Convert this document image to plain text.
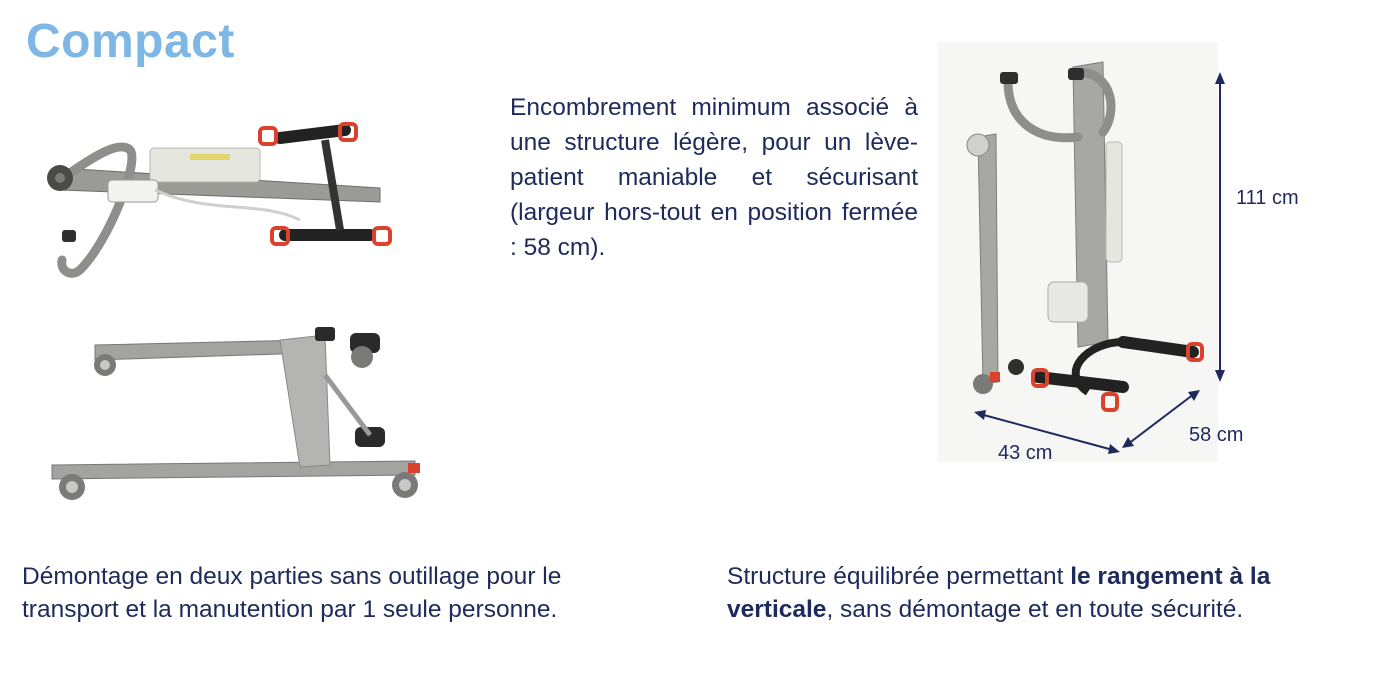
Compact
Encombrement minimum associé à une structure légère, pour un lève-patient maniable et sécurisant (largeur hors-tout en position fermée : 58 cm).
111 cm
58 cm
43 cm
Démontage en deux parties sans outillage pour le transport et la manutention par 1 seule personne.
Structure équilibrée permettant le rangement à la verticale, sans démontage et en toute sécurité.
